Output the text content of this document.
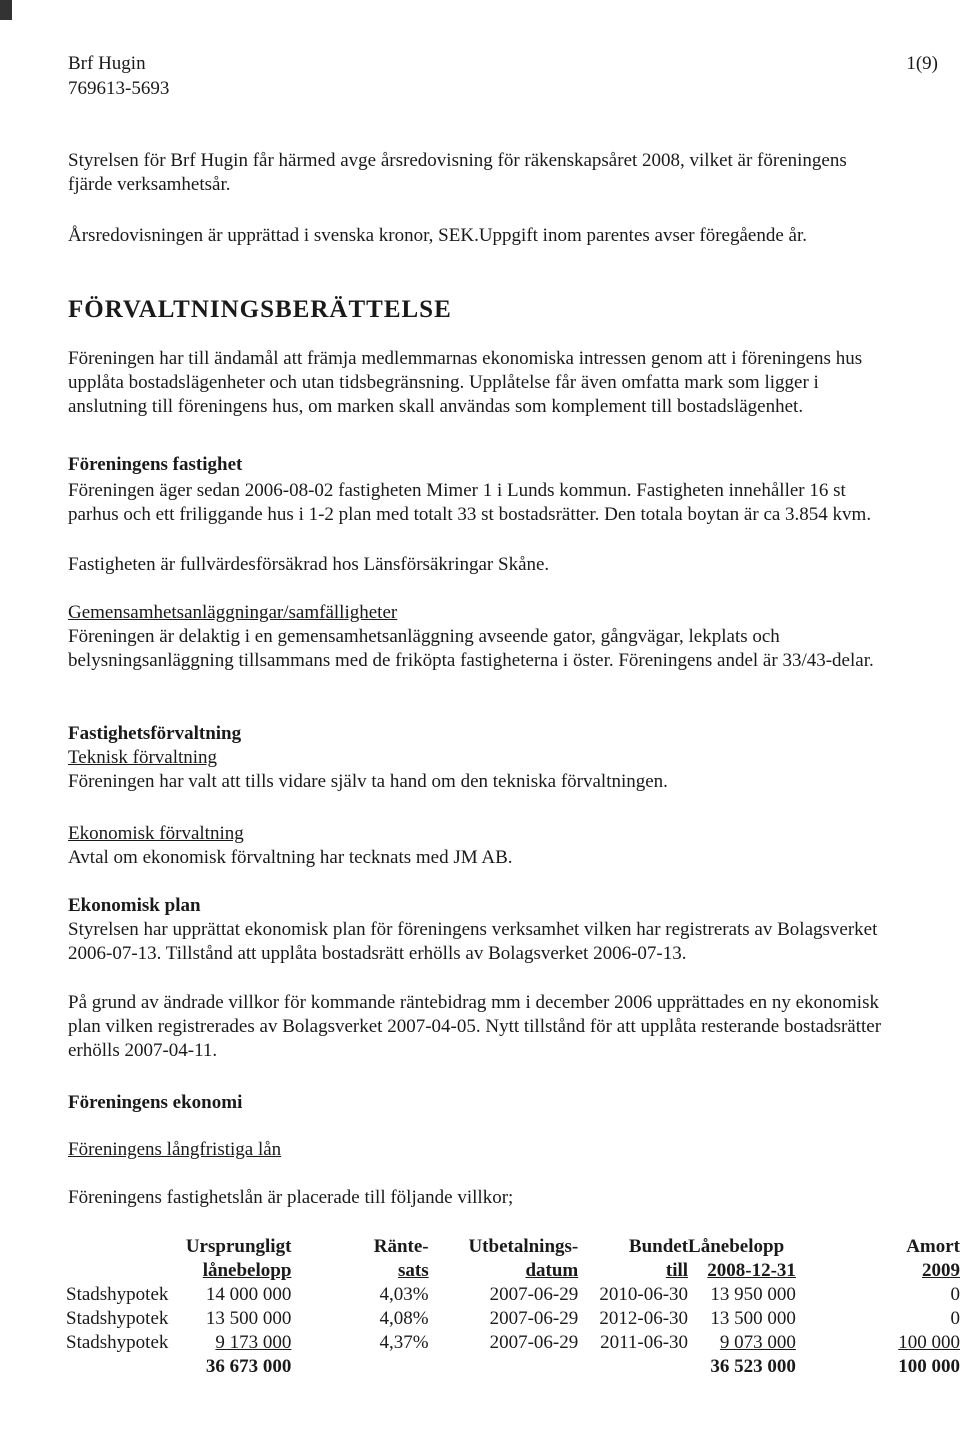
Brf Hugin
769613-5693
1(9)

Styrelsen för Brf Hugin får härmed avge årsredovisning för räkenskapsåret 2008, vilket är föreningens

fjärde verksamhetsår.

Årsredovisningen är upprättad i svenska kronor, SEK.Uppgift inom parentes avser föregående år.
FÖRVALTNINGSBERÄTTELSE

Föreningen har till ändamål att främja medlemmarnas ekonomiska intressen genom att i föreningens hus

upplåta bostadslägenheter och utan tidsbegränsning. Upplåtelse får även omfatta mark som ligger i

anslutning till föreningens hus, om marken skall användas som komplement till bostadslägenhet.

Föreningens fastighet

Föreningen äger sedan 2006-08-02 fastigheten Mimer 1 i Lunds kommun. Fastigheten innehåller 16 st

parhus och ett friliggande hus i 1-2 plan med totalt 33 st bostadsrätter. Den totala boytan är ca 3.854 kvm.

Fastigheten är fullvärdesförsäkrad hos Länsförsäkringar Skåne.
Gemensamhetsanläggningar/samfälligheter

Föreningen är delaktig i en gemensamhetsanläggning avseende gator, gångvägar, lekplats och

belysningsanläggning tillsammans med de friköpta fastigheterna i öster. Föreningens andel är 33/43-delar.

Fastighetsförvaltning
Teknisk förvaltning
Föreningen har valt att tills vidare själv ta hand om den tekniska förvaltningen.
Ekonomisk förvaltning
Avtal om ekonomisk förvaltning har tecknats med JM AB.
Ekonomisk plan

Styrelsen har upprättat ekonomisk plan för föreningens verksamhet vilken har registrerats av Bolagsverket

2006-07-13. Tillstånd att upplåta bostadsrätt erhölls av Bolagsverket 2006-07-13.

På grund av ändrade villkor för kommande räntebidrag mm i december 2006 upprättades en ny ekonomisk

plan vilken registrerades av Bolagsverket 2007-04-05. Nytt tillstånd för att upplåta resterande bostadsrätter

erhölls 2007-04-11.

Föreningens ekonomi
Föreningens långfristiga lån
Föreningens fastighetslån är placerade till följande villkor;
	Ursprungligt	Ränte-	Utbetalnings-	Bundet	Lånebelopp	Amort
	lånebelopp	sats	datum	till	2008-12-31	2009
Stadshypotek	14 000 000	4,03%	2007-06-29	2010-06-30	13 950 000	0
Stadshypotek	13 500 000	4,08%	2007-06-29	2012-06-30	13 500 000	0
Stadshypotek	9 173 000	4,37%	2007-06-29	2011-06-30	9 073 000	100 000
	36 673 000				36 523 000	100 000
